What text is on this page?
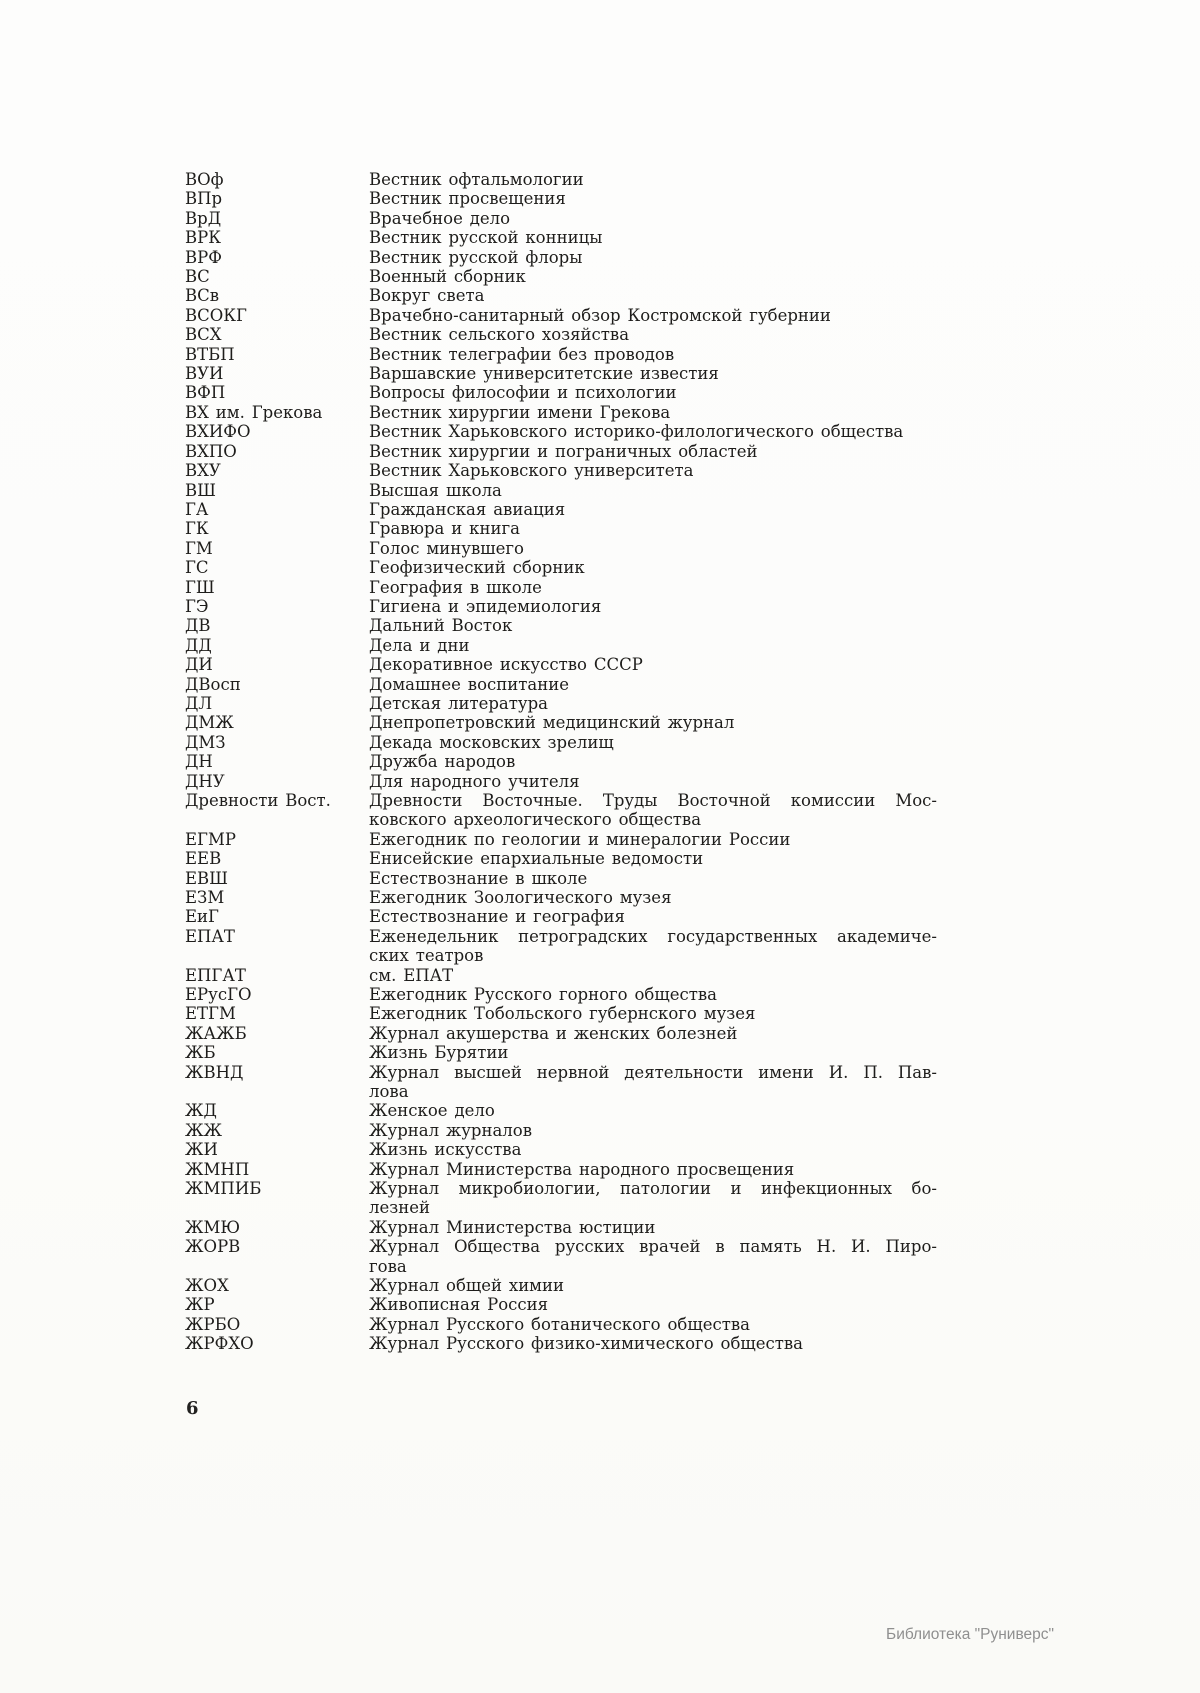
ВОф	Вестник офтальмологии
ВПр	Вестник просвещения
ВрД	Врачебное дело
ВРК	Вестник русской конницы
ВРФ	Вестник русской флоры
ВС	Военный сборник
ВСв	Вокруг света
ВСОКГ	Врачебно-санитарный обзор Костромской губернии
ВСХ	Вестник сельского хозяйства
ВТБП	Вестник телеграфии без проводов
ВУИ	Варшавские университетские известия
ВФП	Вопросы философии и психологии
ВХ им. Грекова	Вестник хирургии имени Грекова
ВХИФО	Вестник Харьковского историко-филологического общества
ВХПО	Вестник хирургии и пограничных областей
ВХУ	Вестник Харьковского университета
ВШ	Высшая школа
ГА	Гражданская авиация
ГК	Гравюра и книга
ГМ	Голос минувшего
ГС	Геофизический сборник
ГШ	География в школе
ГЭ	Гигиена и эпидемиология
ДВ	Дальний Восток
ДД	Дела и дни
ДИ	Декоративное искусство СССР
ДВосп	Домашнее воспитание
ДЛ	Детская литература
ДМЖ	Днепропетровский медицинский журнал
ДМЗ	Декада московских зрелищ
ДН	Дружба народов
ДНУ	Для народного учителя
Древности Вост.	Древности Восточные. Труды Восточной комиссии Мос-
ковского археологического общества
ЕГМР	Ежегодник по геологии и минералогии России
ЕЕВ	Енисейские епархиальные ведомости
ЕВШ	Естествознание в школе
ЕЗМ	Ежегодник Зоологического музея
ЕиГ	Естествознание и география
ЕПАТ	Еженедельник петроградских государственных академиче-
ских театров
ЕПГАТ	см. ЕПАТ
ЕРусГО	Ежегодник Русского горного общества
ЕТГМ	Ежегодник Тобольского губернского музея
ЖАЖБ	Журнал акушерства и женских болезней
ЖБ	Жизнь Бурятии
ЖВНД	Журнал высшей нервной деятельности имени И. П. Пав-
лова
ЖД	Женское дело
ЖЖ	Журнал журналов
ЖИ	Жизнь искусства
ЖМНП	Журнал Министерства народного просвещения
ЖМПИБ	Журнал микробиологии, патологии и инфекционных бо-
лезней
ЖМЮ	Журнал Министерства юстиции
ЖОРВ	Журнал Общества русских врачей в память Н. И. Пиро-
гова
ЖОХ	Журнал общей химии
ЖР	Живописная Россия
ЖРБО	Журнал Русского ботанического общества
ЖРФХО	Журнал Русского физико-химического общества
6
Библиотека "Руниверс"
